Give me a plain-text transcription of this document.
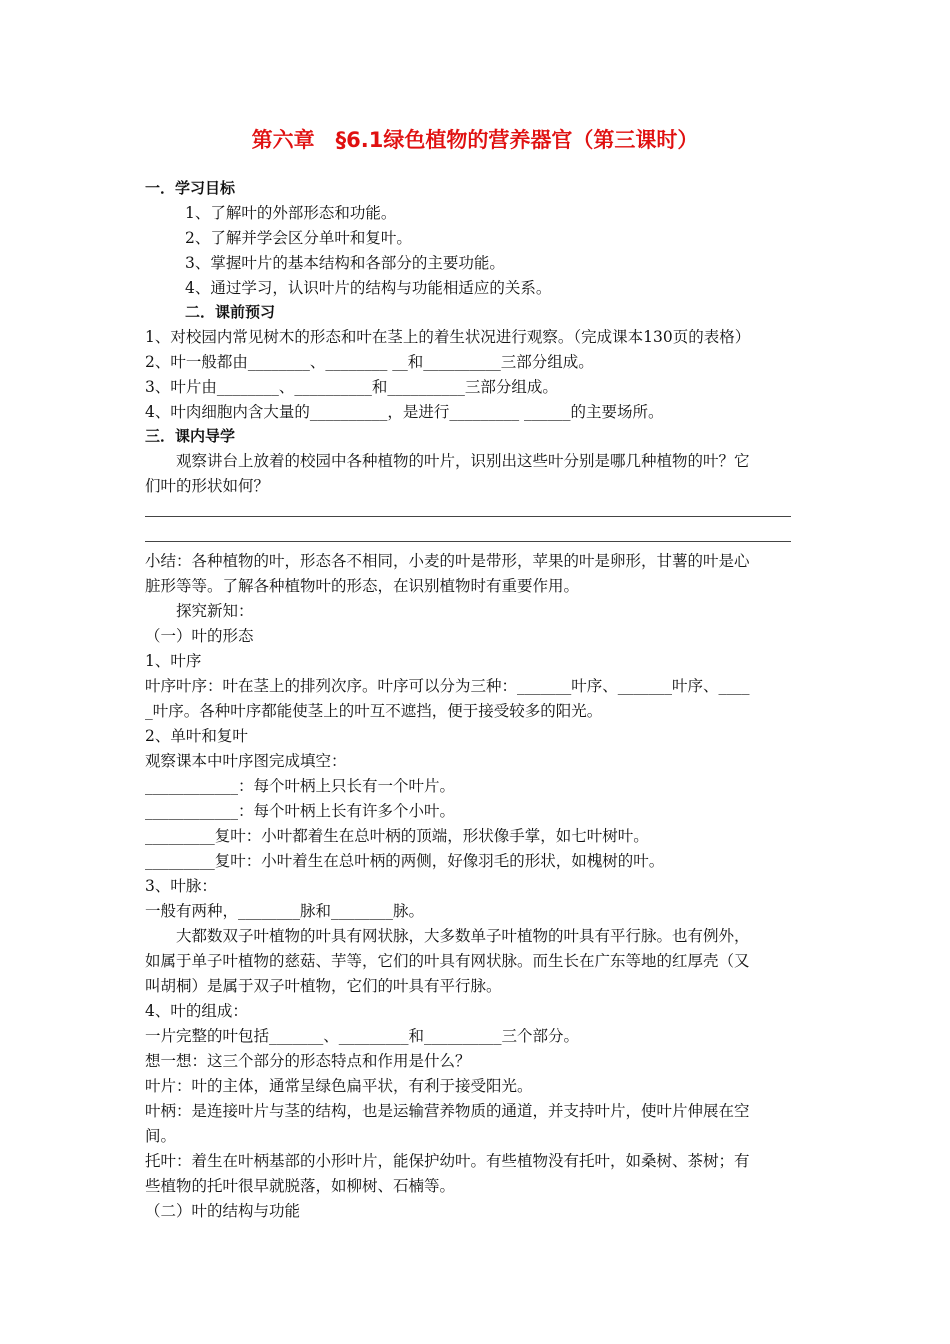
第六章　§6.1绿色植物的营养器官（第三课时）
一．学习目标
1、了解叶的外部形态和功能。
2、了解并学会区分单叶和复叶。
3、掌握叶片的基本结构和各部分的主要功能。
4、通过学习，认识叶片的结构与功能相适应的关系。
二．课前预习
1、对校园内常见树木的形态和叶在茎上的着生状况进行观察。（完成课本130页的表格）
2、叶一般都由________、________ __和__________三部分组成。
3、叶片由________、__________和__________三部分组成。
4、叶肉细胞内含大量的__________，是进行_________ ______的主要场所。
三．课内导学
观察讲台上放着的校园中各种植物的叶片，识别出这些叶分别是哪几种植物的叶？它
们叶的形状如何？
小结：各种植物的叶，形态各不相同，小麦的叶是带形，苹果的叶是卵形，甘薯的叶是心
脏形等等。了解各种植物叶的形态，在识别植物时有重要作用。
探究新知：
（一）叶的形态
1、叶序
叶序叶序：叶在茎上的排列次序。叶序可以分为三种：_______叶序、_______叶序、____
_叶序。各种叶序都能使茎上的叶互不遮挡，便于接受较多的阳光。
2、单叶和复叶
观察课本中叶序图完成填空：
____________：每个叶柄上只长有一个叶片。
____________：每个叶柄上长有许多个小叶。
_________复叶：小叶都着生在总叶柄的顶端，形状像手掌，如七叶树叶。
_________复叶：小叶着生在总叶柄的两侧，好像羽毛的形状，如槐树的叶。
3、叶脉：
一般有两种，________脉和________脉。
大都数双子叶植物的叶具有网状脉，大多数单子叶植物的叶具有平行脉。也有例外，
如属于单子叶植物的慈菇、芋等，它们的叶具有网状脉。而生长在广东等地的红厚壳（又
叫胡桐）是属于双子叶植物，它们的叶具有平行脉。
4、叶的组成：
一片完整的叶包括_______、_________和__________三个部分。
想一想：这三个部分的形态特点和作用是什么？
叶片：叶的主体，通常呈绿色扁平状，有利于接受阳光。
叶柄：是连接叶片与茎的结构，也是运输营养物质的通道，并支持叶片，使叶片伸展在空
间。
托叶：着生在叶柄基部的小形叶片，能保护幼叶。有些植物没有托叶，如桑树、茶树；有
些植物的托叶很早就脱落，如柳树、石楠等。
（二）叶的结构与功能
